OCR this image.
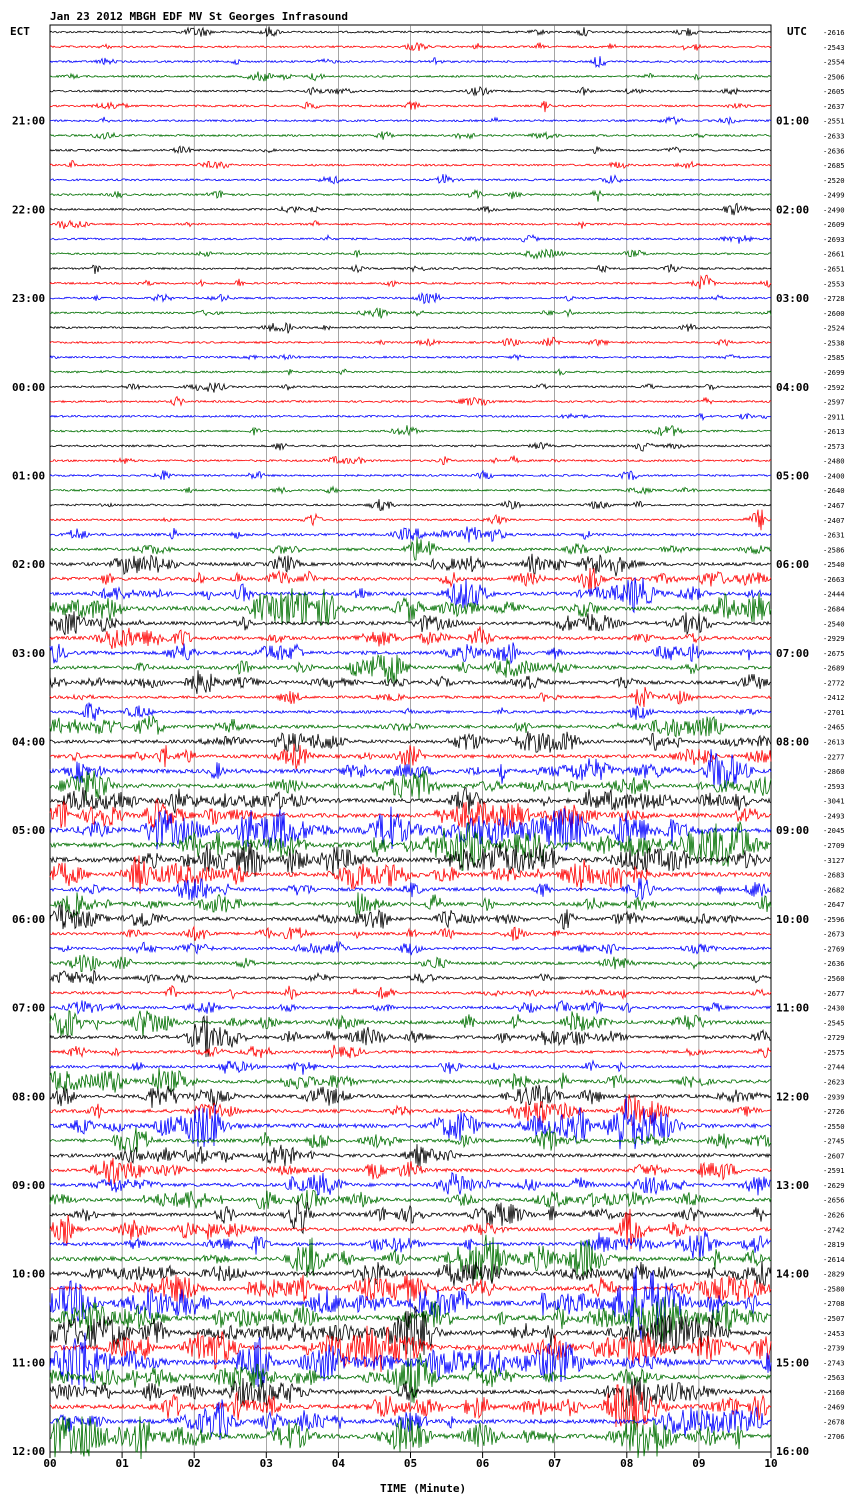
Jan 23 2012 MBGH EDF MV St Georges Infrasound
ECT	UTC
TIME (Minute)
00	01	02	03	04	05	06	07	08	09	10
-2616
-2543
-2554
-2506
-2605
-2637
-2551
-2633
-2636
-2685
-2520
-2499
-2490
-2609
-2693
-2661
-2651
-2553
-2728
-2600
-2524
-2538
-2585
-2699
-2592
-2597
-2911
-2613
-2573
-2480
-2400
-2640
-2467
-2407
-2631
-2586
-2540
-2663
-2444
-2684
-2540
-2929
-2675
-2689
-2772
-2412
-2701
-2465
-2613
-2277
-2860
-2593
-3041
-2493
-2045
-2709
-3127
-2683
-2682
-2647
-2596
-2673
-2769
-2636
-2560
-2677
-2430
-2545
-2729
-2575
-2744
-2623
-2939
-2726
-2550
-2745
-2607
-2591
-2629
-2656
-2626
-2742
-2819
-2614
-2829
-2580
-2708
-2507
-2453
-2739
-2743
-2563
-2160
-2469
-2678
-2706
21:00
22:00
23:00
00:00
01:00
02:00
03:00
04:00
05:00
06:00
07:00
08:00
09:00
10:00
11:00
12:00
01:00
02:00
03:00
04:00
05:00
06:00
07:00
08:00
09:00
10:00
11:00
12:00
13:00
14:00
15:00
16:00
